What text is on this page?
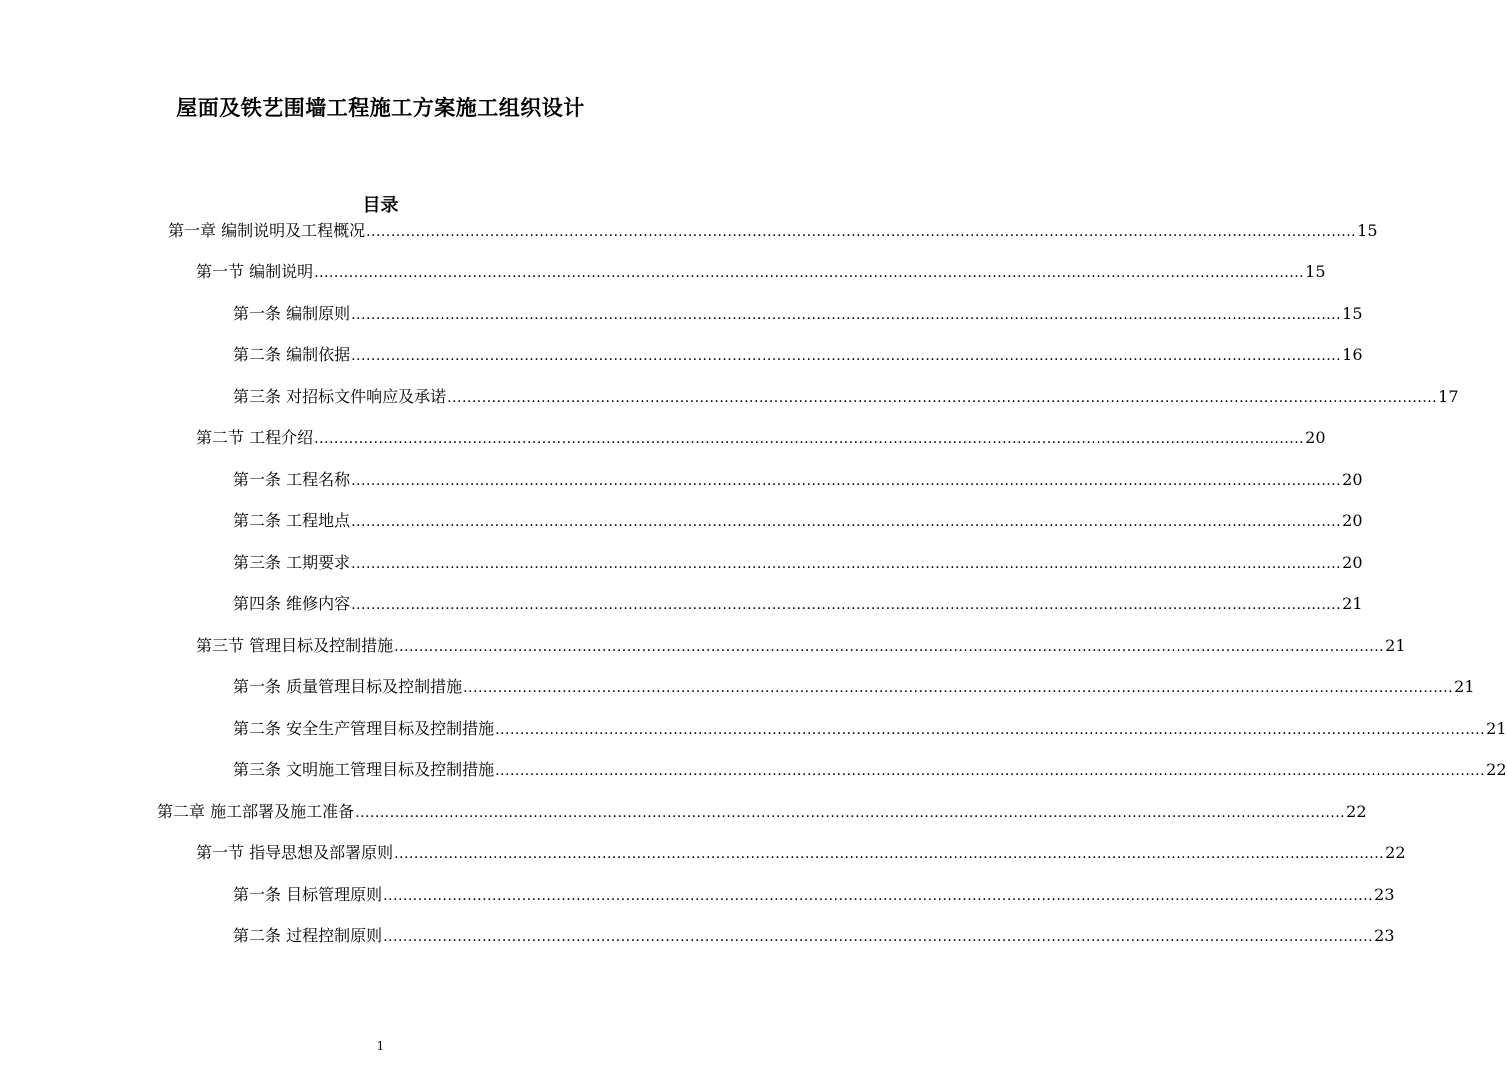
屋面及铁艺围墙工程施工方案施工组织设计
目录
第一章 编制说明及工程概况 ........................................................................................................................................................................................................ 15
第一节 编制说明 ........................................................................................................................................................................................................ 15
第一条 编制原则 ........................................................................................................................................................................................................ 15
第二条 编制依据 ........................................................................................................................................................................................................ 16
第三条 对招标文件响应及承诺 ........................................................................................................................................................................................................ 17
第二节 工程介绍 ........................................................................................................................................................................................................ 20
第一条 工程名称 ........................................................................................................................................................................................................ 20
第二条 工程地点 ........................................................................................................................................................................................................ 20
第三条 工期要求 ........................................................................................................................................................................................................ 20
第四条 维修内容 ........................................................................................................................................................................................................ 21
第三节 管理目标及控制措施 ........................................................................................................................................................................................................ 21
第一条 质量管理目标及控制措施 ........................................................................................................................................................................................................ 21
第二条 安全生产管理目标及控制措施 ........................................................................................................................................................................................................ 21
第三条 文明施工管理目标及控制措施 ........................................................................................................................................................................................................ 22
第二章 施工部署及施工准备 ........................................................................................................................................................................................................ 22
第一节 指导思想及部署原则 ........................................................................................................................................................................................................ 22
第一条 目标管理原则 ........................................................................................................................................................................................................ 23
第二条 过程控制原则 ........................................................................................................................................................................................................ 23
1
